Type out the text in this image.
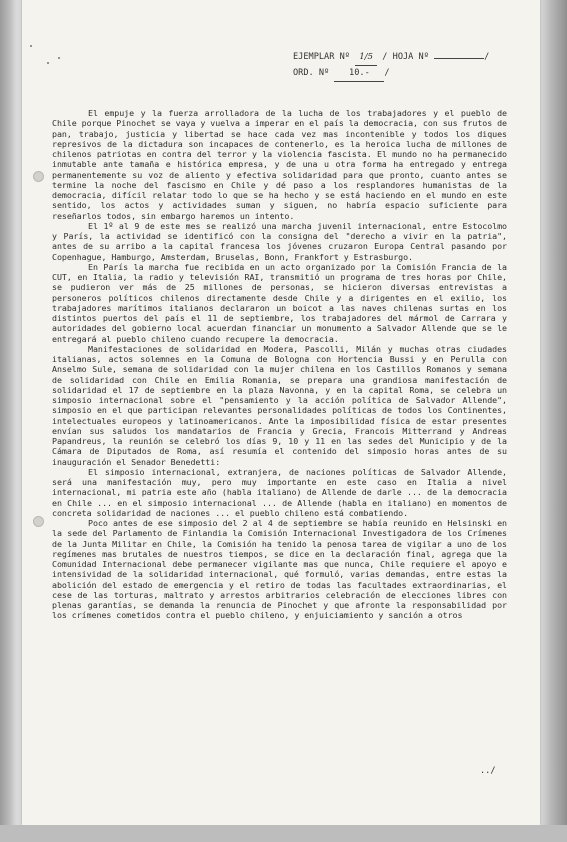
EJEMPLAR Nº 1/5 / HOJA Nº	/
ORD. Nº 10.- /

El empuje y la fuerza arrolladora de la lucha de los trabajadores y el pueblo de Chile porque Pinochet se vaya y vuelva a imperar en el país la democracia, con sus frutos de pan, trabajo, justicia y libertad se hace cada vez mas incontenible y todos los diques represivos de la dictadura son incapaces de contenerlo, es la heroica lucha de millones de chilenos patriotas en contra del terror y la violencia fascista. El mundo no ha permanecido inmutable ante tamaña e histórica empresa, y de una u otra forma ha entregado y entrega permanentemente su voz de aliento y efectiva solidaridad para que pronto, cuanto antes se termine la noche del fascismo en Chile y dé paso a los resplandores humanistas de la democracia, difícil relatar todo lo que se ha hecho y se está haciendo en el mundo en este sentido, los actos y actividades suman y siguen, no habría espacio suficiente para reseñarlos todos, sin embargo haremos un intento.

El 1º al 9 de este mes se realizó una marcha juvenil internacional, entre Estocolmo y París, la actividad se identificó con la consigna del "derecho a vivir en la patria", antes de su arribo a la capital francesa los jóvenes cruzaron Europa Central pasando por Copenhague, Hamburgo, Amsterdam, Bruselas, Bonn, Frankfort y Estrasburgo.

En París la marcha fue recibida en un acto organizado por la Comisión Francia de la CUT, en Italia, la radio y televisión RAI, transmitió un programa de tres horas por Chile, se pudieron ver más de 25 millones de personas, se hicieron diversas entrevistas a personeros políticos chilenos directamente desde Chile y a dirigentes en el exilio, los trabajadores marítimos italianos declararon un boicot a las naves chilenas surtas en los distintos puertos del país el 11 de septiembre, los trabajadores del mármol de Carrara y autoridades del gobierno local acuerdan financiar un monumento a Salvador Allende que se le entregará al pueblo chileno cuando recupere la democracia.

Manifestaciones de solidaridad en Modera, Pascolli, Milán y muchas otras ciudades italianas, actos solemnes en la Comuna de Bologna con Hortencia Bussi y en Perulla con Anselmo Sule, semana de solidaridad con la mujer chilena en los Castillos Romanos y semana de solidaridad con Chile en Emilia Romania, se prepara una grandiosa manifestación de solidaridad el 17 de septiembre en la plaza Navonna, y en la capital Roma, se celebra un simposio internacional sobre el "pensamiento y la acción política de Salvador Allende", simposio en el que participan relevantes personalidades políticas de todos los Continentes, intelectuales europeos y latinoamericanos. Ante la imposibilidad física de estar presentes envían sus saludos los mandatarios de Francia y Grecia, Francois Mitterrand y Andreas Papandreus, la reunión se celebró los días 9, 10 y 11 en las sedes del Municipio y de la Cámara de Diputados de Roma, así resumía el contenido del simposio horas antes de su inauguración el Senador Benedetti:

El simposio internacional, extranjera, de naciones políticas de Salvador Allende, será una manifestación muy, pero muy importante en este caso en Italia a nivel internacional, mi patria este año (habla italiano) de Allende de darle ... de la democracia en Chile ... en el simposio internacional ... de Allende (habla en italiano) en momentos de concreta solidaridad de naciones ... el pueblo chileno está combatiendo.

Poco antes de ese simposio del 2 al 4 de septiembre se había reunido en Helsinski en la sede del Parlamento de Finlandia la Comisión Internacional Investigadora de los Crímenes de la Junta Militar en Chile, la Comisión ha tenido la penosa tarea de vigilar a uno de los regímenes mas brutales de nuestros tiempos, se dice en la declaración final, agrega que la Comunidad Internacional debe permanecer vigilante mas que nunca, Chile requiere el apoyo e intensividad de la solidaridad internacional, qué formuló, varias demandas, entre estas la abolición del estado de emergencia y el retiro de todas las facultades extraordinarias, el cese de las torturas, maltrato y arrestos arbitrarios celebración de elecciones libres con plenas garantías, se demanda la renuncia de Pinochet y que afronte la responsabilidad por los crímenes cometidos contra el pueblo chileno, y enjuiciamiento y sanción a otros

../
